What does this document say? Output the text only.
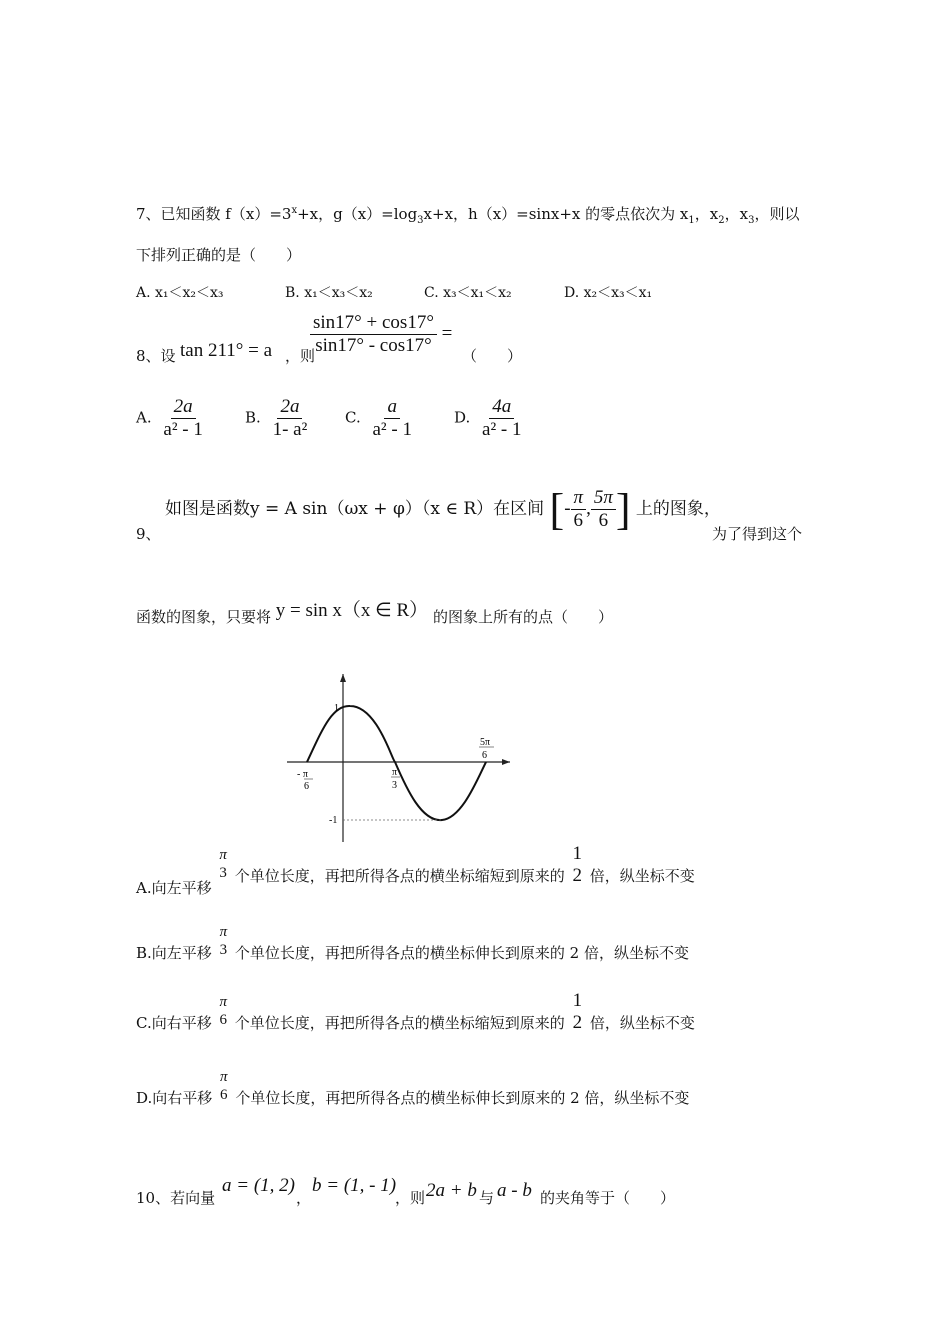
7、已知函数 $f(x)=3^x+x$，$g(x)=\log_3x+x$，h（x）=sinx+x 的零点依次为 $x_1$，$x_2$，$x_3$，则以
下排列正确的是（　　）
A. x₁＜x₂＜x₃	B. x₁＜x₃＜x₂	C. x₃＜x₁＜x₂	D. x₂＜x₃＜x₁
8、设 tan 211° = a ，则
$\frac{\sin 17^\circ + \cos 17^\circ}{\sin 17^\circ - \cos 17^\circ}$ =
（　　）
A. $\frac{2a}{\text{a² - 1}}$	B. $\frac{2a}{\text{1- a²}} C$. $\frac{a}{\text{a² - 1}}$	D. $\frac{4a}{\text{a² - 1}}$
9、
如图是函数y = A sin（ωx + φ）（x ∈ R）在区间 [- $\frac{\pi}{6}$ , $\frac{5\pi}{6}$ ] 上的图象，
为了得到这个
函数的图象，只要将 y = sin x（x ∈ R） 的图象上所有的点（　　）
1
-1
- π
6
π
3
5π
6
A.向左平移
π
3 个单位长度，再把所得各点的横坐标缩短到原来的
1
2 倍，纵坐标不变
B.向左平移
π
3 个单位长度，再把所得各点的横坐标伸长到原来的 2 倍，纵坐标不变
C.向右平移
π
6 个单位长度，再把所得各点的横坐标缩短到原来的
1
2 倍，纵坐标不变
D.向右平移
π
6 个单位长度，再把所得各点的横坐标伸长到原来的 2 倍，纵坐标不变
10、若向量
a = (1, 2)
，
b = (1, - 1)
，则 2a + b 与 a - b 的夹角等于（　　）
